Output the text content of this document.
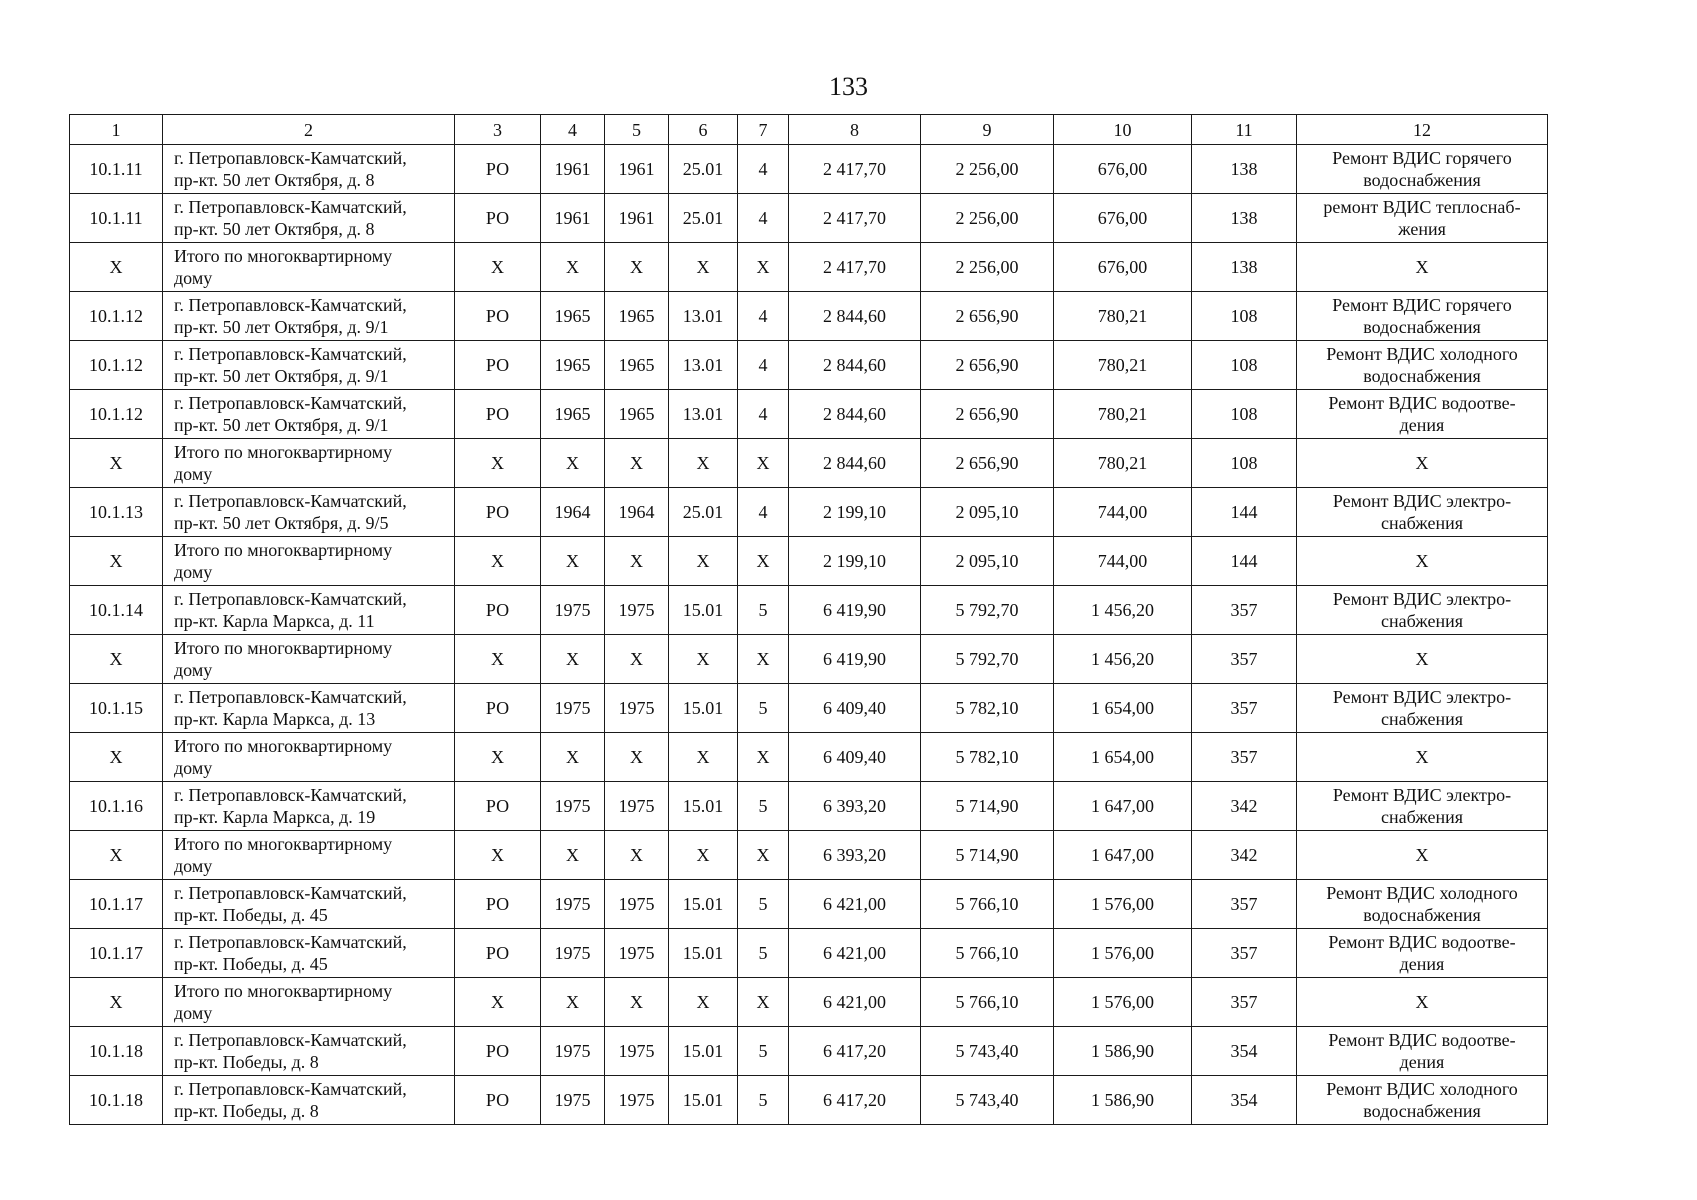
133
1	2	3	4	5	6	7	8	9	10	11	12
10.1.11	г. Петропавловск-Камчатский,
пр-кт. 50 лет Октября, д. 8	РО	1961	1961	25.01	4	2 417,70	2 256,00	676,00	138	Ремонт ВДИС горячего
водоснабжения

10.1.11	г. Петропавловск-Камчатский,
пр-кт. 50 лет Октября, д. 8	РО	1961	1961	25.01	4	2 417,70	2 256,00	676,00	138	ремонт ВДИС теплоснаб-
жения

X	Итого по многоквартирному
дому	X	X	X	X	X	2 417,70	2 256,00	676,00	138	X

10.1.12	г. Петропавловск-Камчатский,
пр-кт. 50 лет Октября, д. 9/1	РО	1965	1965	13.01	4	2 844,60	2 656,90	780,21	108	Ремонт ВДИС горячего
водоснабжения

10.1.12	г. Петропавловск-Камчатский,
пр-кт. 50 лет Октября, д. 9/1	РО	1965	1965	13.01	4	2 844,60	2 656,90	780,21	108	Ремонт ВДИС холодного
водоснабжения

10.1.12	г. Петропавловск-Камчатский,
пр-кт. 50 лет Октября, д. 9/1	РО	1965	1965	13.01	4	2 844,60	2 656,90	780,21	108	Ремонт ВДИС водоотве-
дения

X	Итого по многоквартирному
дому	X	X	X	X	X	2 844,60	2 656,90	780,21	108	X

10.1.13	г. Петропавловск-Камчатский,
пр-кт. 50 лет Октября, д. 9/5	РО	1964	1964	25.01	4	2 199,10	2 095,10	744,00	144	Ремонт ВДИС электро-
снабжения

X	Итого по многоквартирному
дому	X	X	X	X	X	2 199,10	2 095,10	744,00	144	X

10.1.14	г. Петропавловск-Камчатский,
пр-кт. Карла Маркса, д. 11	РО	1975	1975	15.01	5	6 419,90	5 792,70	1 456,20	357	Ремонт ВДИС электро-
снабжения

X	Итого по многоквартирному
дому	X	X	X	X	X	6 419,90	5 792,70	1 456,20	357	X

10.1.15	г. Петропавловск-Камчатский,
пр-кт. Карла Маркса, д. 13	РО	1975	1975	15.01	5	6 409,40	5 782,10	1 654,00	357	Ремонт ВДИС электро-
снабжения

X	Итого по многоквартирному
дому	X	X	X	X	X	6 409,40	5 782,10	1 654,00	357	X

10.1.16	г. Петропавловск-Камчатский,
пр-кт. Карла Маркса, д. 19	РО	1975	1975	15.01	5	6 393,20	5 714,90	1 647,00	342	Ремонт ВДИС электро-
снабжения

X	Итого по многоквартирному
дому	X	X	X	X	X	6 393,20	5 714,90	1 647,00	342	X

10.1.17	г. Петропавловск-Камчатский,
пр-кт. Победы, д. 45	РО	1975	1975	15.01	5	6 421,00	5 766,10	1 576,00	357	Ремонт ВДИС холодного
водоснабжения

10.1.17	г. Петропавловск-Камчатский,
пр-кт. Победы, д. 45	РО	1975	1975	15.01	5	6 421,00	5 766,10	1 576,00	357	Ремонт ВДИС водоотве-
дения

X	Итого по многоквартирному
дому	X	X	X	X	X	6 421,00	5 766,10	1 576,00	357	X

10.1.18	г. Петропавловск-Камчатский,
пр-кт. Победы, д. 8	РО	1975	1975	15.01	5	6 417,20	5 743,40	1 586,90	354	Ремонт ВДИС водоотве-
дения

10.1.18	г. Петропавловск-Камчатский,
пр-кт. Победы, д. 8	РО	1975	1975	15.01	5	6 417,20	5 743,40	1 586,90	354	Ремонт ВДИС холодного
водоснабжения
